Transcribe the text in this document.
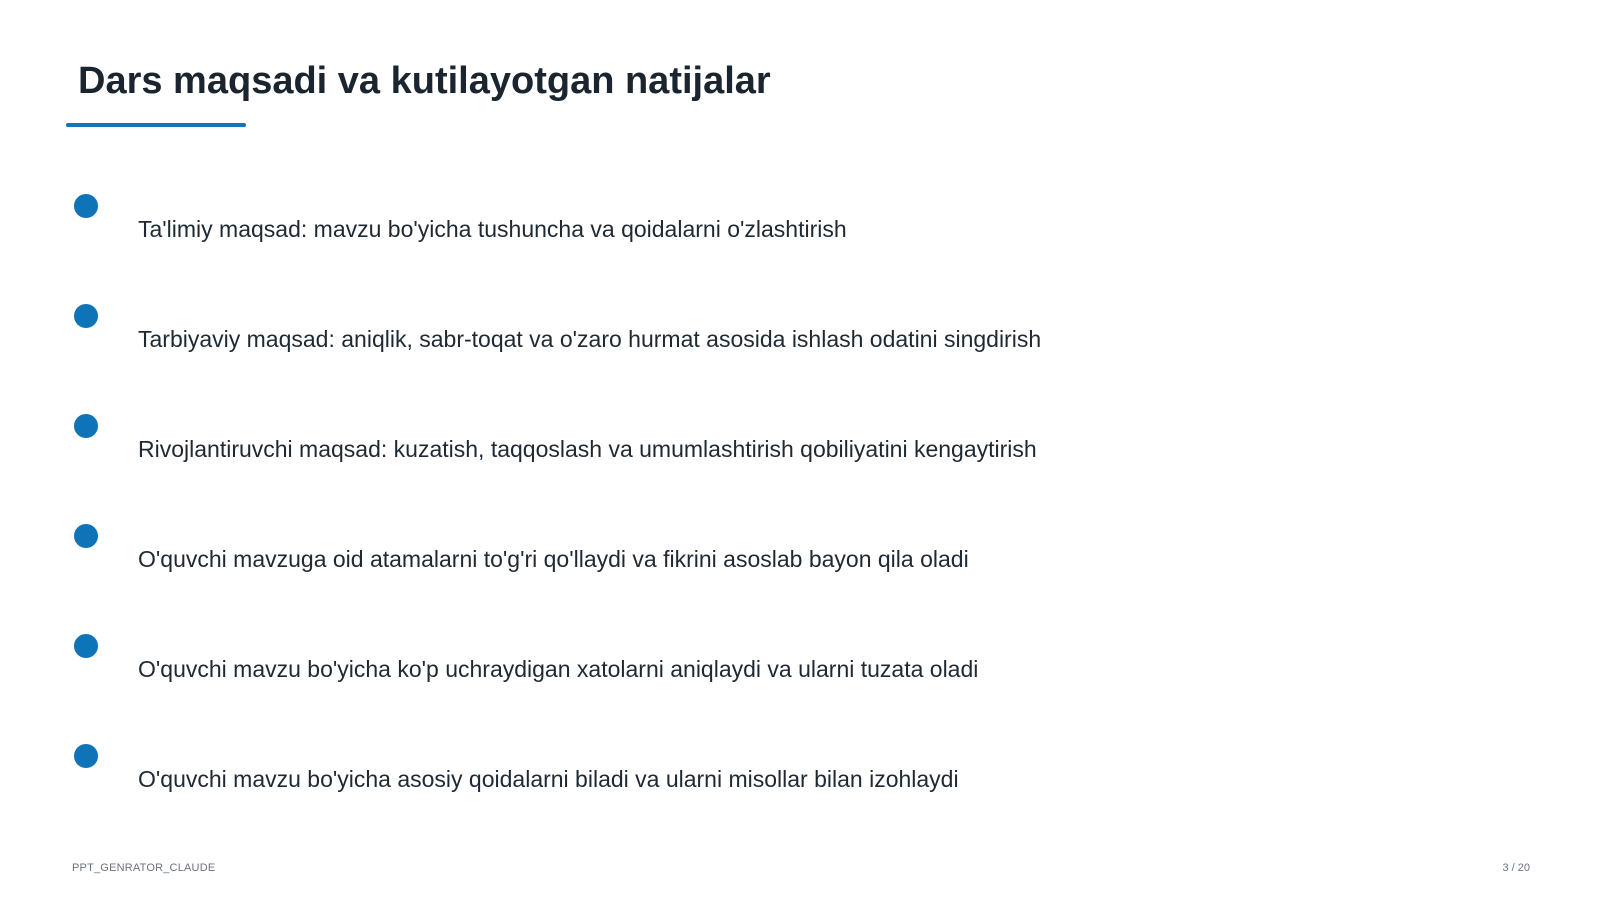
Dars maqsadi va kutilayotgan natijalar
Ta'limiy maqsad: mavzu bo'yicha tushuncha va qoidalarni o'zlashtirish
Tarbiyaviy maqsad: aniqlik, sabr-toqat va o'zaro hurmat asosida ishlash odatini singdirish
Rivojlantiruvchi maqsad: kuzatish, taqqoslash va umumlashtirish qobiliyatini kengaytirish
O'quvchi mavzuga oid atamalarni to'g'ri qo'llaydi va fikrini asoslab bayon qila oladi
O'quvchi mavzu bo'yicha ko'p uchraydigan xatolarni aniqlaydi va ularni tuzata oladi
O'quvchi mavzu bo'yicha asosiy qoidalarni biladi va ularni misollar bilan izohlaydi
PPT_GENRATOR_CLAUDE	3 / 20
